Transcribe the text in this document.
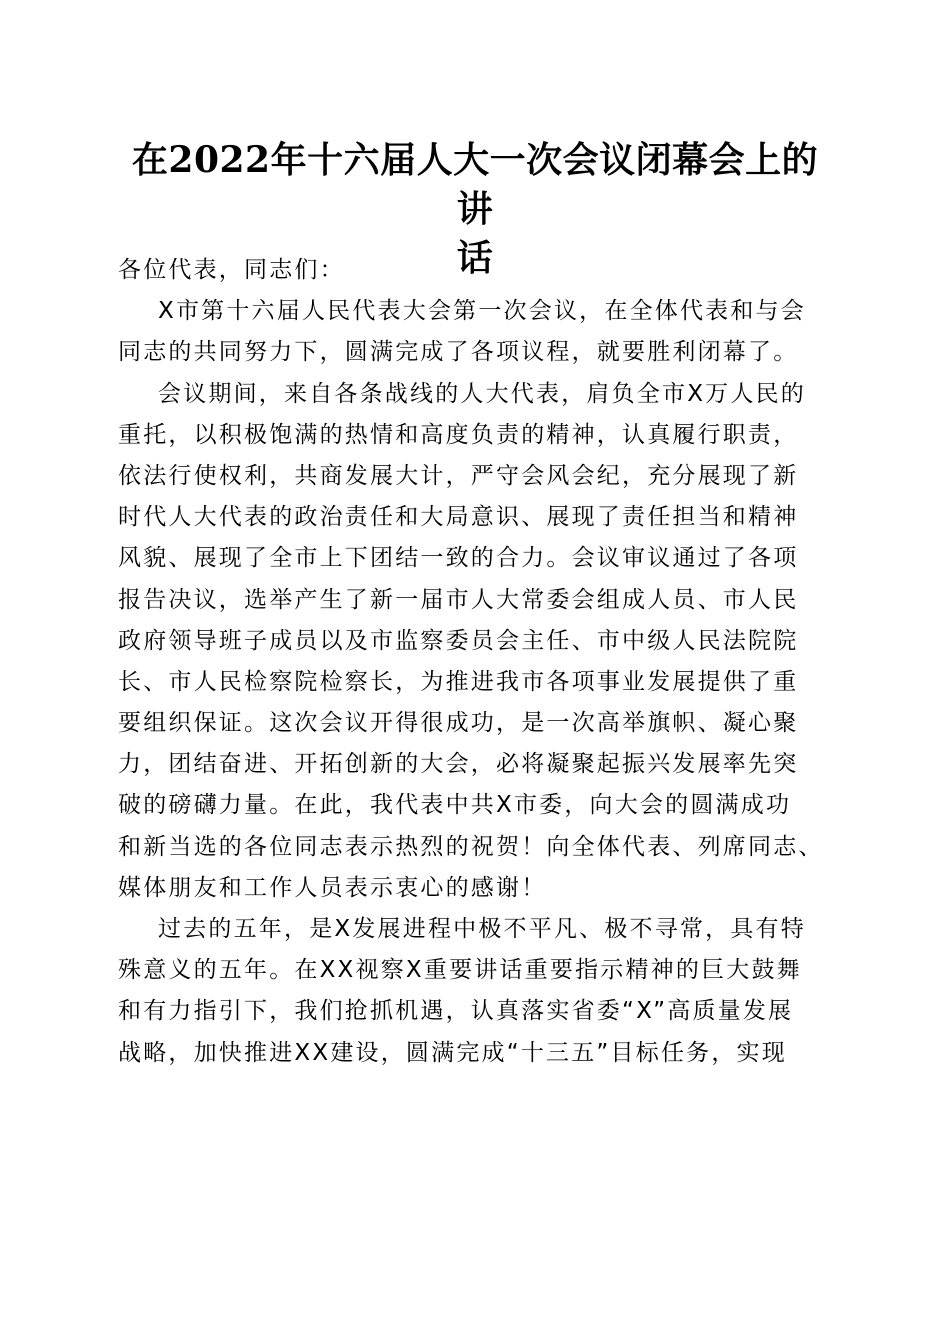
在2022年十六届人大一次会议闭幕会上的讲
话
各位代表，同志们：
X市第十六届人民代表大会第一次会议，在全体代表和与会
同志的共同努力下，圆满完成了各项议程，就要胜利闭幕了。
会议期间，来自各条战线的人大代表，肩负全市X万人民的
重托，以积极饱满的热情和高度负责的精神，认真履行职责，
依法行使权利，共商发展大计，严守会风会纪，充分展现了新
时代人大代表的政治责任和大局意识、展现了责任担当和精神
风貌、展现了全市上下团结一致的合力。会议审议通过了各项
报告决议，选举产生了新一届市人大常委会组成人员、市人民
政府领导班子成员以及市监察委员会主任、市中级人民法院院
长、市人民检察院检察长，为推进我市各项事业发展提供了重
要组织保证。这次会议开得很成功，是一次高举旗帜、凝心聚
力，团结奋进、开拓创新的大会，必将凝聚起振兴发展率先突
破的磅礴力量。在此，我代表中共X市委，向大会的圆满成功
和新当选的各位同志表示热烈的祝贺！向全体代表、列席同志、
媒体朋友和工作人员表示衷心的感谢！
过去的五年，是X发展进程中极不平凡、极不寻常，具有特
殊意义的五年。在XX视察X重要讲话重要指示精神的巨大鼓舞
和有力指引下，我们抢抓机遇，认真落实省委“X”高质量发展
战略，加快推进XX建设，圆满完成“十三五”目标任务，实现
